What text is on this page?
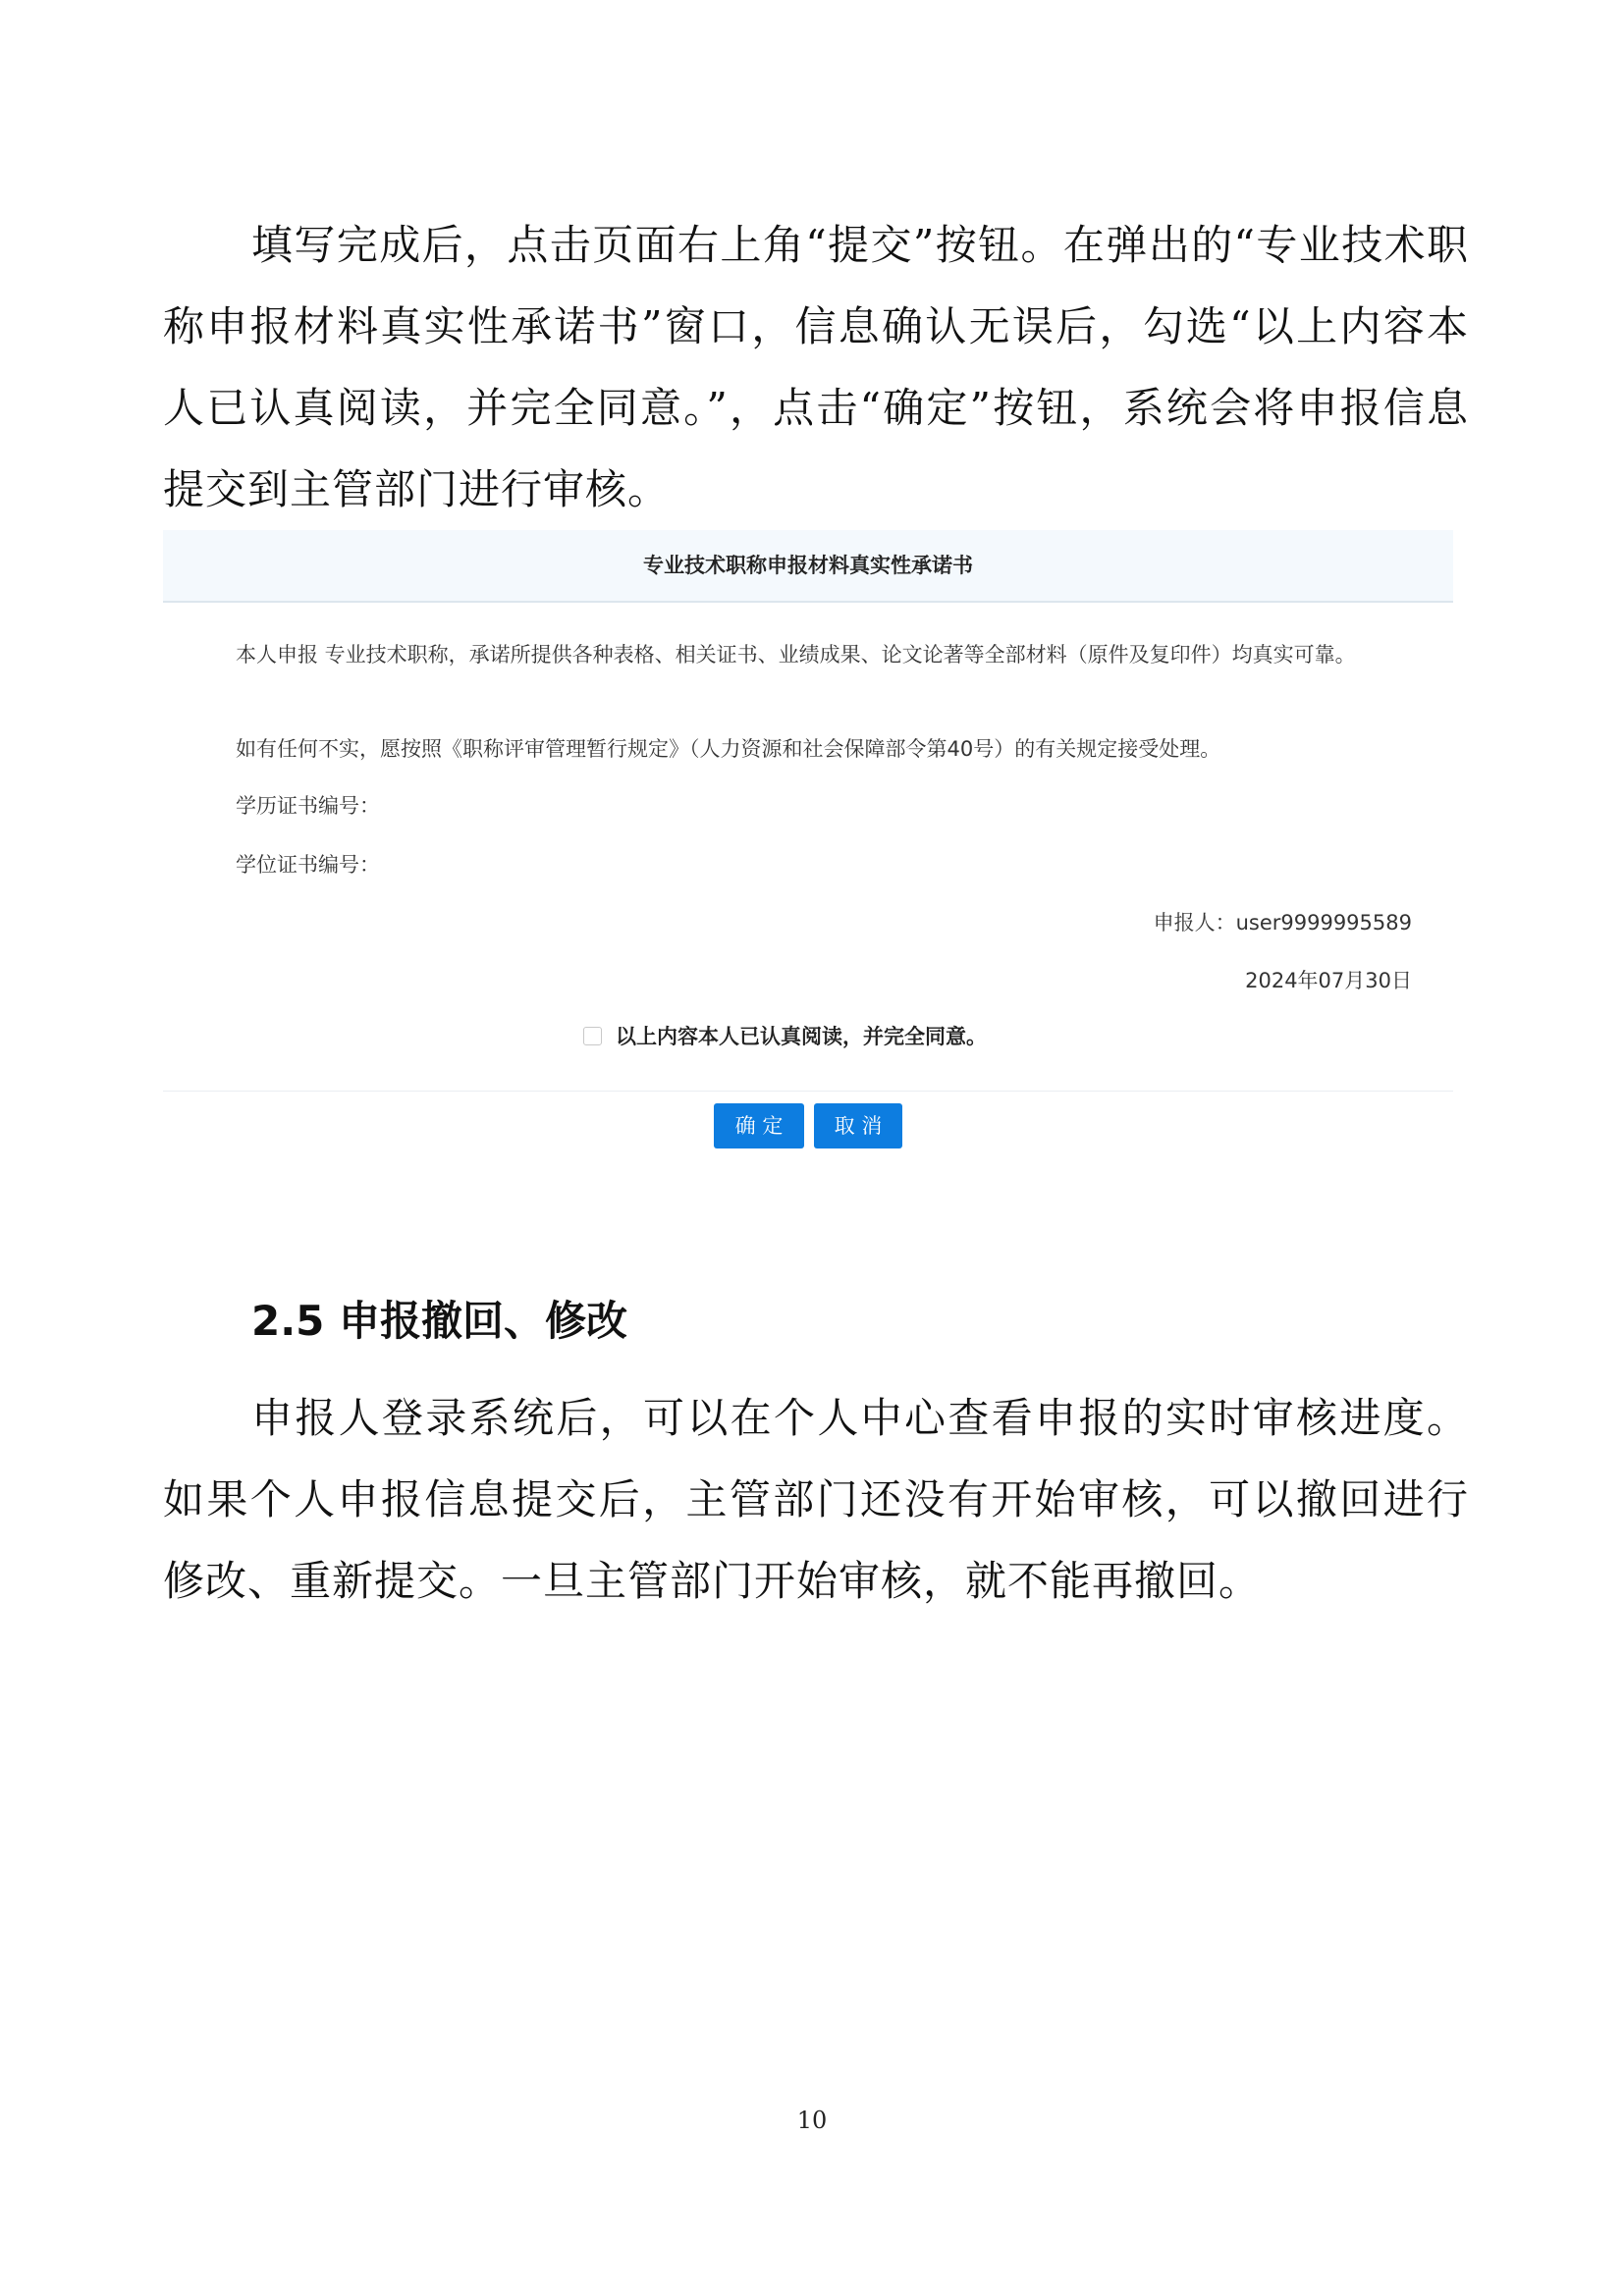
填写完成后，点击页面右上角“提交”按钮。在弹出的“专业技术职称申报材料真实性承诺书”窗口，信息确认无误后，勾选“以上内容本人已认真阅读，并完全同意。”，点击“确定”按钮，系统会将申报信息提交到主管部门进行审核。

专业技术职称申报材料真实性承诺书

本人申报 专业技术职称，承诺所提供各种表格、相关证书、业绩成果、论文论著等全部材料（原件及复印件）均真实可靠。

如有任何不实，愿按照《职称评审管理暂行规定》（人力资源和社会保障部令第40号）的有关规定接受处理。

学历证书编号：

学位证书编号：

申报人：user9999995589

2024年07月30日

以上内容本人已认真阅读，并完全同意。
确 定	取 消
2.5 申报撤回、修改

申报人登录系统后，可以在个人中心查看申报的实时审核进度。如果个人申报信息提交后，主管部门还没有开始审核，可以撤回进行修改、重新提交。一旦主管部门开始审核，就不能再撤回。

10
